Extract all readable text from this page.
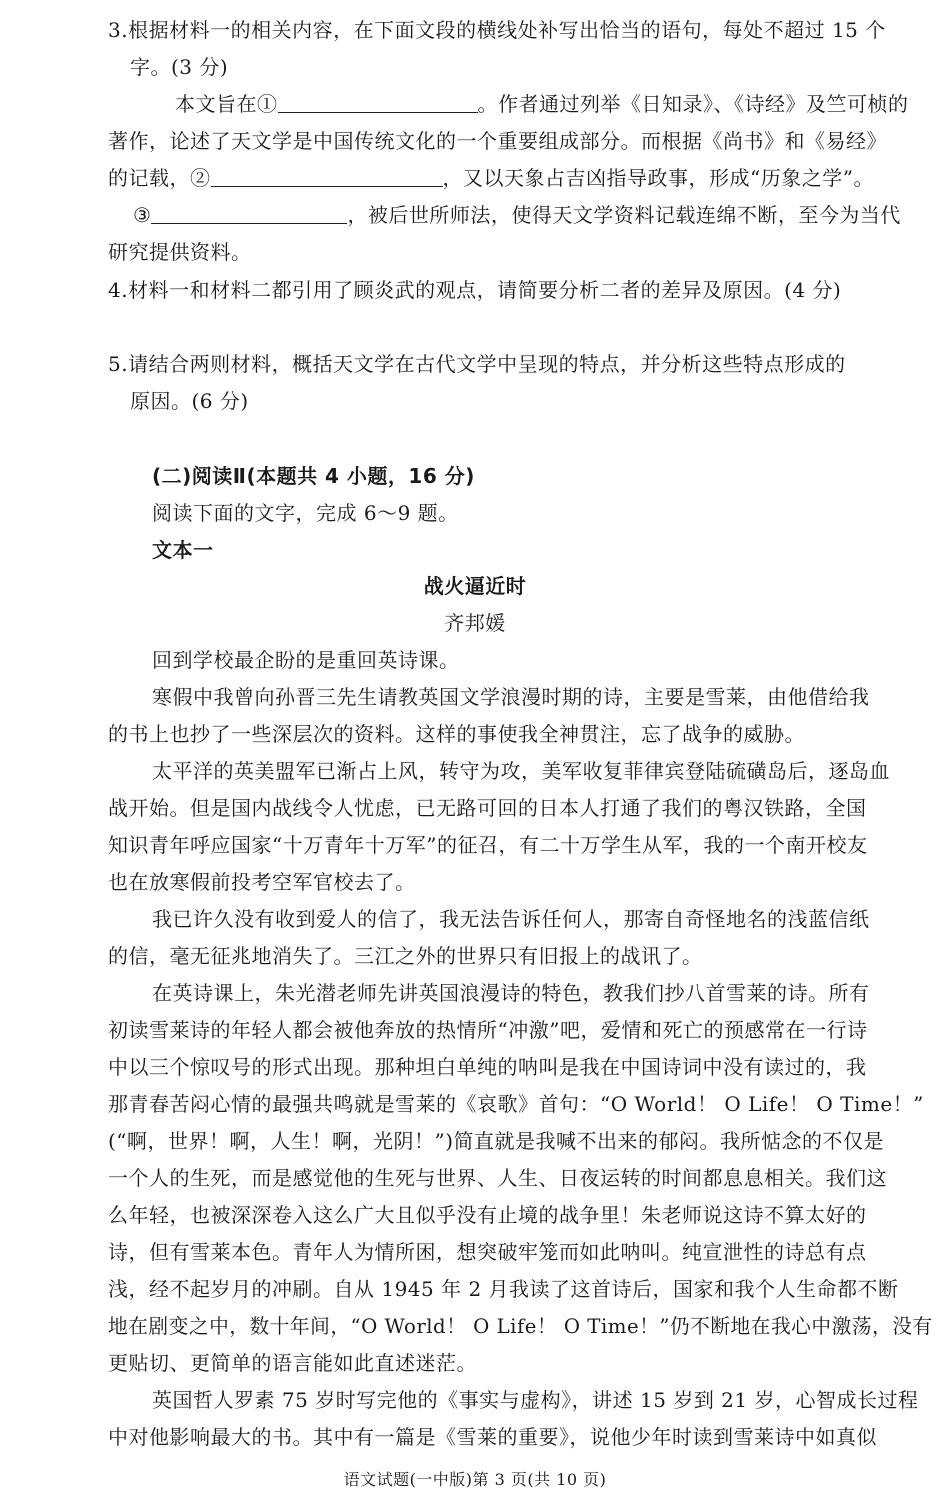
3.根据材料一的相关内容，在下面文段的横线处补写出恰当的语句，每处不超过 15 个
字。(3 分)
本文旨在①	。作者通过列举《日知录》、《诗经》及竺可桢的
著作，论述了天文学是中国传统文化的一个重要组成部分。而根据《尚书》和《易经》
的记载，②	，又以天象占吉凶指导政事，形成“历象之学”。
③	，被后世所师法，使得天文学资料记载连绵不断，至今为当代
研究提供资料。
4.材料一和材料二都引用了顾炎武的观点，请简要分析二者的差异及原因。(4 分)
5.请结合两则材料，概括天文学在古代文学中呈现的特点，并分析这些特点形成的
原因。(6 分)
(二)阅读Ⅱ(本题共 4 小题，16 分)
阅读下面的文字，完成 6～9 题。
文本一
战火逼近时
齐邦媛
回到学校最企盼的是重回英诗课。
寒假中我曾向孙晋三先生请教英国文学浪漫时期的诗，主要是雪莱，由他借给我
的书上也抄了一些深层次的资料。这样的事使我全神贯注，忘了战争的威胁。
太平洋的英美盟军已渐占上风，转守为攻，美军收复菲律宾登陆硫磺岛后，逐岛血
战开始。但是国内战线令人忧虑，已无路可回的日本人打通了我们的粤汉铁路，全国
知识青年呼应国家“十万青年十万军”的征召，有二十万学生从军，我的一个南开校友
也在放寒假前投考空军官校去了。
我已许久没有收到爱人的信了，我无法告诉任何人，那寄自奇怪地名的浅蓝信纸
的信，毫无征兆地消失了。三江之外的世界只有旧报上的战讯了。
在英诗课上，朱光潜老师先讲英国浪漫诗的特色，教我们抄八首雪莱的诗。所有
初读雪莱诗的年轻人都会被他奔放的热情所“冲激”吧，爱情和死亡的预感常在一行诗
中以三个惊叹号的形式出现。那种坦白单纯的呐叫是我在中国诗词中没有读过的，我
那青春苦闷心情的最强共鸣就是雪莱的《哀歌》首句：“O World！ O Life！ O Time！”
(“啊，世界！啊，人生！啊，光阴！”)简直就是我喊不出来的郁闷。我所惦念的不仅是
一个人的生死，而是感觉他的生死与世界、人生、日夜运转的时间都息息相关。我们这
么年轻，也被深深卷入这么广大且似乎没有止境的战争里！朱老师说这诗不算太好的
诗，但有雪莱本色。青年人为情所困，想突破牢笼而如此呐叫。纯宣泄性的诗总有点
浅，经不起岁月的冲刷。自从 1945 年 2 月我读了这首诗后，国家和我个人生命都不断
地在剧变之中，数十年间，“O World！ O Life！ O Time！”仍不断地在我心中激荡，没有
更贴切、更简单的语言能如此直述迷茫。
英国哲人罗素 75 岁时写完他的《事实与虚构》，讲述 15 岁到 21 岁，心智成长过程
中对他影响最大的书。其中有一篇是《雪莱的重要》，说他少年时读到雪莱诗中如真似
语文试题(一中版)第 3 页(共 10 页)
